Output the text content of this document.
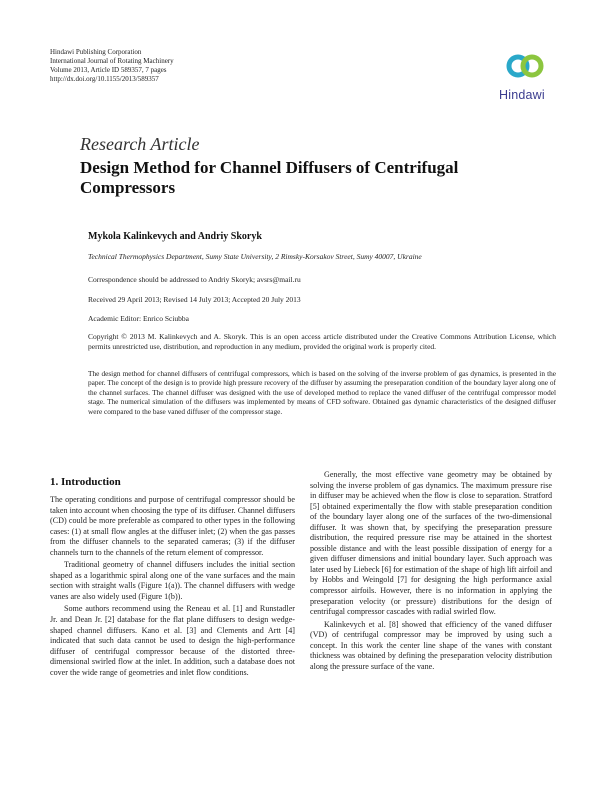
Hindawi Publishing Corporation
International Journal of Rotating Machinery
Volume 2013, Article ID 589357, 7 pages
http://dx.doi.org/10.1155/2013/589357
Hindawi
Research Article
Design Method for Channel Diffusers of Centrifugal Compressors
Mykola Kalinkevych and Andriy Skoryk
Technical Thermophysics Department, Sumy State University, 2 Rimsky-Korsakov Street, Sumy 40007, Ukraine
Correspondence should be addressed to Andriy Skoryk; avsrs@mail.ru
Received 29 April 2013; Revised 14 July 2013; Accepted 20 July 2013
Academic Editor: Enrico Sciubba
Copyright © 2013 M. Kalinkevych and A. Skoryk. This is an open access article distributed under the Creative Commons Attribution License, which permits unrestricted use, distribution, and reproduction in any medium, provided the original work is properly cited.
The design method for channel diffusers of centrifugal compressors, which is based on the solving of the inverse problem of gas dynamics, is presented in the paper. The concept of the design is to provide high pressure recovery of the diffuser by assuming the preseparation condition of the boundary layer along one of the channel surfaces. The channel diffuser was designed with the use of developed method to replace the vaned diffuser of the centrifugal compressor model stage. The numerical simulation of the diffusers was implemented by means of CFD software. Obtained gas dynamic characteristics of the designed diffuser were compared to the base vaned diffuser of the compressor stage.
1. Introduction

The operating conditions and purpose of centrifugal compressor should be taken into account when choosing the type of its diffuser. Channel diffusers (CD) could be more preferable as compared to other types in the following cases: (1) at small flow angles at the diffuser inlet; (2) when the gas passes from the diffuser channels to the separated cameras; (3) if the diffuser channels turn to the channels of the return element of compressor.

Traditional geometry of channel diffusers includes the initial section shaped as a logarithmic spiral along one of the vane surfaces and the main section with straight walls (Figure 1(a)). The channel diffusers with wedge vanes are also widely used (Figure 1(b)).

Some authors recommend using the Reneau et al. [1] and Runstadler Jr. and Dean Jr. [2] database for the flat plane diffusers to design wedge-shaped channel diffusers. Kano et al. [3] and Clements and Artt [4] indicated that such data cannot be used to design the high-performance diffuser of centrifugal compressor because of the distorted three-dimensional swirled flow at the inlet. In addition, such a database does not cover the wide range of geometries and inlet flow conditions.

Generally, the most effective vane geometry may be obtained by solving the inverse problem of gas dynamics. The maximum pressure rise in diffuser may be achieved when the flow is close to separation. Stratford [5] obtained experimentally the flow with stable preseparation condition of the boundary layer along one of the surfaces of the two-dimensional diffuser. It was shown that, by specifying the preseparation pressure distribution, the required pressure rise may be attained in the shortest possible distance and with the least possible dissipation of energy for a given diffuser dimensions and initial boundary layer. Such approach was later used by Liebeck [6] for estimation of the shape of high lift airfoil and by Hobbs and Weingold [7] for designing the high performance axial compressor airfoils. However, there is no information in applying the preseparation velocity (or pressure) distributions for the design of centrifugal compressor cascades with radial swirled flow.

Kalinkevych et al. [8] showed that efficiency of the vaned diffuser (VD) of centrifugal compressor may be improved by using such a concept. In this work the center line shape of the vanes with constant thickness was obtained by defining the preseparation velocity distribution along the pressure surface of the vane.
